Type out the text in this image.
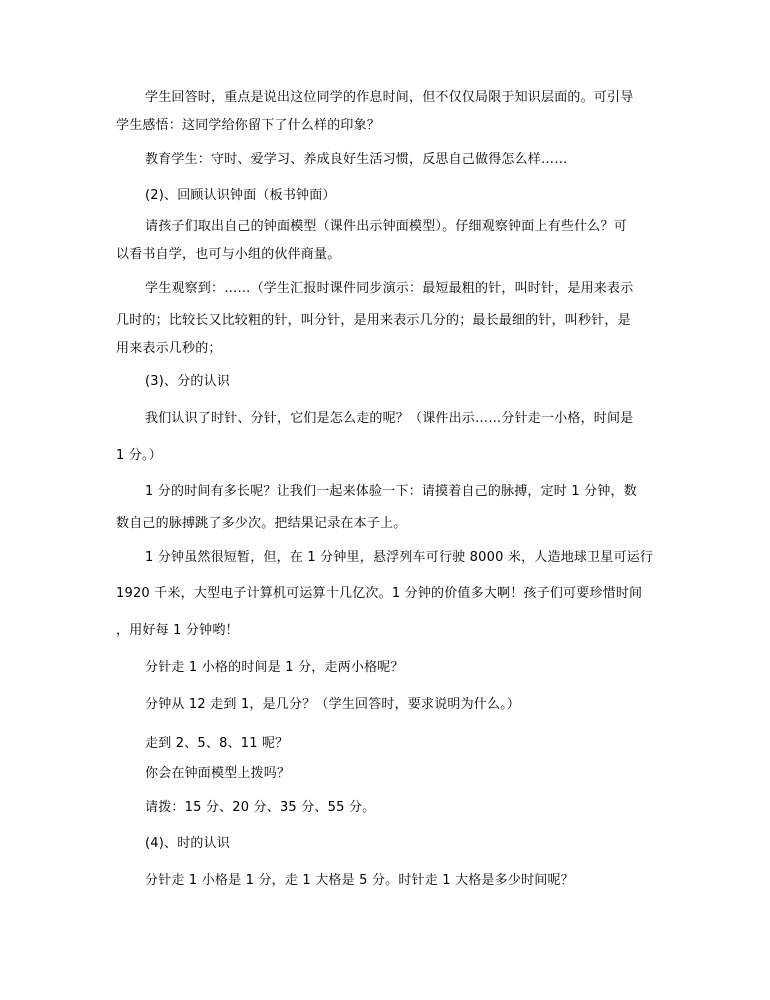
学生回答时，重点是说出这位同学的作息时间，但不仅仅局限于知识层面的。可引导
学生感悟：这同学给你留下了什么样的印象？
教育学生：守时、爱学习、养成良好生活习惯，反思自己做得怎么样……
(2)、回顾认识钟面（板书钟面）
请孩子们取出自己的钟面模型（课件出示钟面模型）。仔细观察钟面上有些什么？可
以看书自学，也可与小组的伙伴商量。
学生观察到：……（学生汇报时课件同步演示：最短最粗的针，叫时针，是用来表示
几时的；比较长又比较粗的针，叫分针，是用来表示几分的；最长最细的针，叫秒针，是
用来表示几秒的；
(3)、分的认识
我们认识了时针、分针，它们是怎么走的呢？（课件出示……分针走一小格，时间是
1 分。）
1 分的时间有多长呢？让我们一起来体验一下：请摸着自己的脉搏，定时 1 分钟，数
数自己的脉搏跳了多少次。把结果记录在本子上。
1 分钟虽然很短暂，但，在 1 分钟里，悬浮列车可行驶 8000 米，人造地球卫星可运行
1920 千米，大型电子计算机可运算十几亿次。1 分钟的价值多大啊！孩子们可要珍惜时间
，用好每 1 分钟哟！
分针走 1 小格的时间是 1 分，走两小格呢？
分钟从 12 走到 1，是几分？（学生回答时，要求说明为什么。）
走到 2、5、8、11 呢？
你会在钟面模型上拨吗？
请拨：15 分、20 分、35 分、55 分。
(4)、时的认识
分针走 1 小格是 1 分，走 1 大格是 5 分。时针走 1 大格是多少时间呢？
